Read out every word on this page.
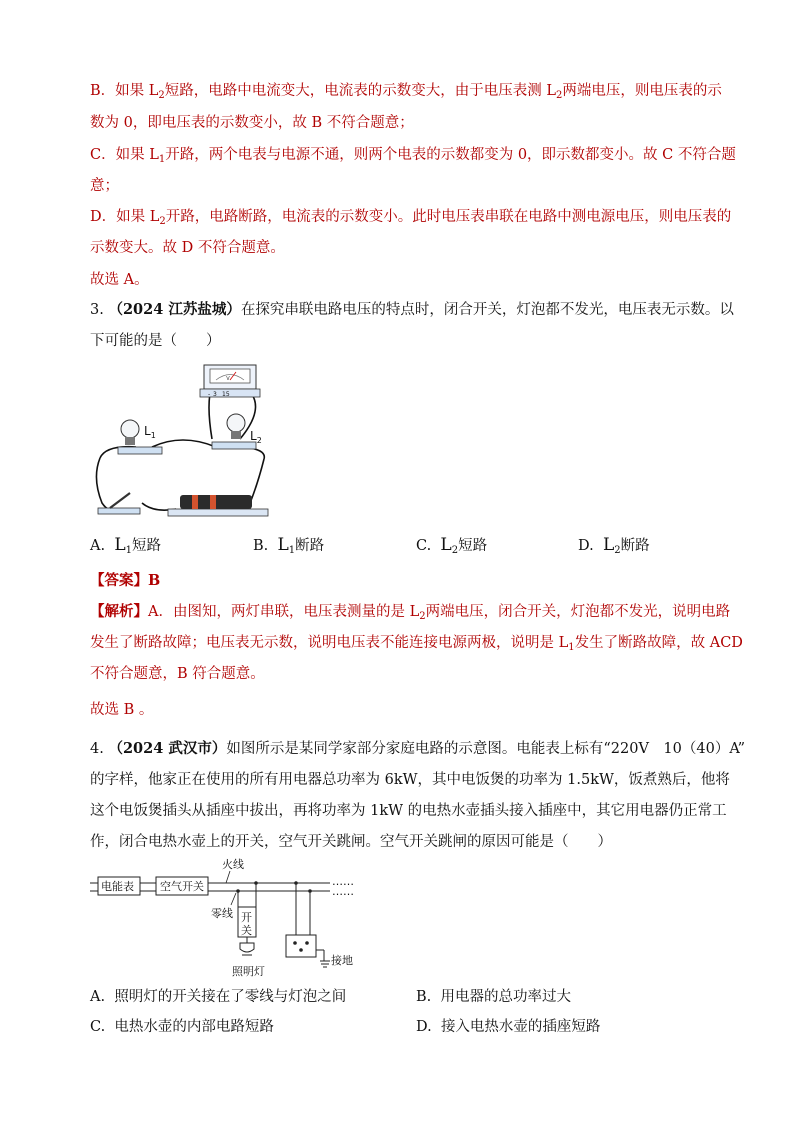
B．如果 $L_2$短路，电路中电流变大，电流表的示数变大，由于电压表测 $L_2$两端电压，则电压表的示
数为 0，即电压表的示数变小，故 B 不符合题意；
C．如果 $L_1$开路，两个电表与电源不通，则两个电表的示数都变为 0，即示数都变小。故 C 不符合题
意；
D．如果 $L_2$开路，电路断路，电流表的示数变小。此时电压表串联在电路中测电源电压，则电压表的
示数变大。故 D 不符合题意。
故选 A。
3. （2024 江苏盐城）在探究串联电路电压的特点时，闭合开关，灯泡都不发光，电压表无示数。以
下可能的是（　　）
V
- 3 15
$L_1$	$L_2$
A. $L_1$短路	B. $L_1$断路	C. $L_2$短路	D. $L_2$断路
【答案】B
【解析】A．由图知，两灯串联，电压表测量的是 $L_2$两端电压，闭合开关，灯泡都不发光，说明电路
发生了断路故障；电压表无示数，说明电压表不能连接电源两极，说明是 $L_1$发生了断路故障，故 ACD
不符合题意，B 符合题意。
故选 B 。
4. （2024 武汉市）如图所示是某同学家部分家庭电路的示意图。电能表上标有“220V　10（40）A”
的字样，他家正在使用的所有用电器总功率为 6kW，其中电饭煲的功率为 1.5kW，饭煮熟后，他将
这个电饭煲插头从插座中拔出，再将功率为 1kW 的电热水壶插头接入插座中，其它用电器仍正常工
作，闭合电热水壶上的开关，空气开关跳闸。空气开关跳闸的原因可能是（　　）
电能表 空气开关
火线
零线 开
关
照明灯
接地
……
……
A. 照明灯的开关接在了零线与灯泡之间	B. 用电器的总功率过大
C. 电热水壶的内部电路短路	D. 接入电热水壶的插座短路
